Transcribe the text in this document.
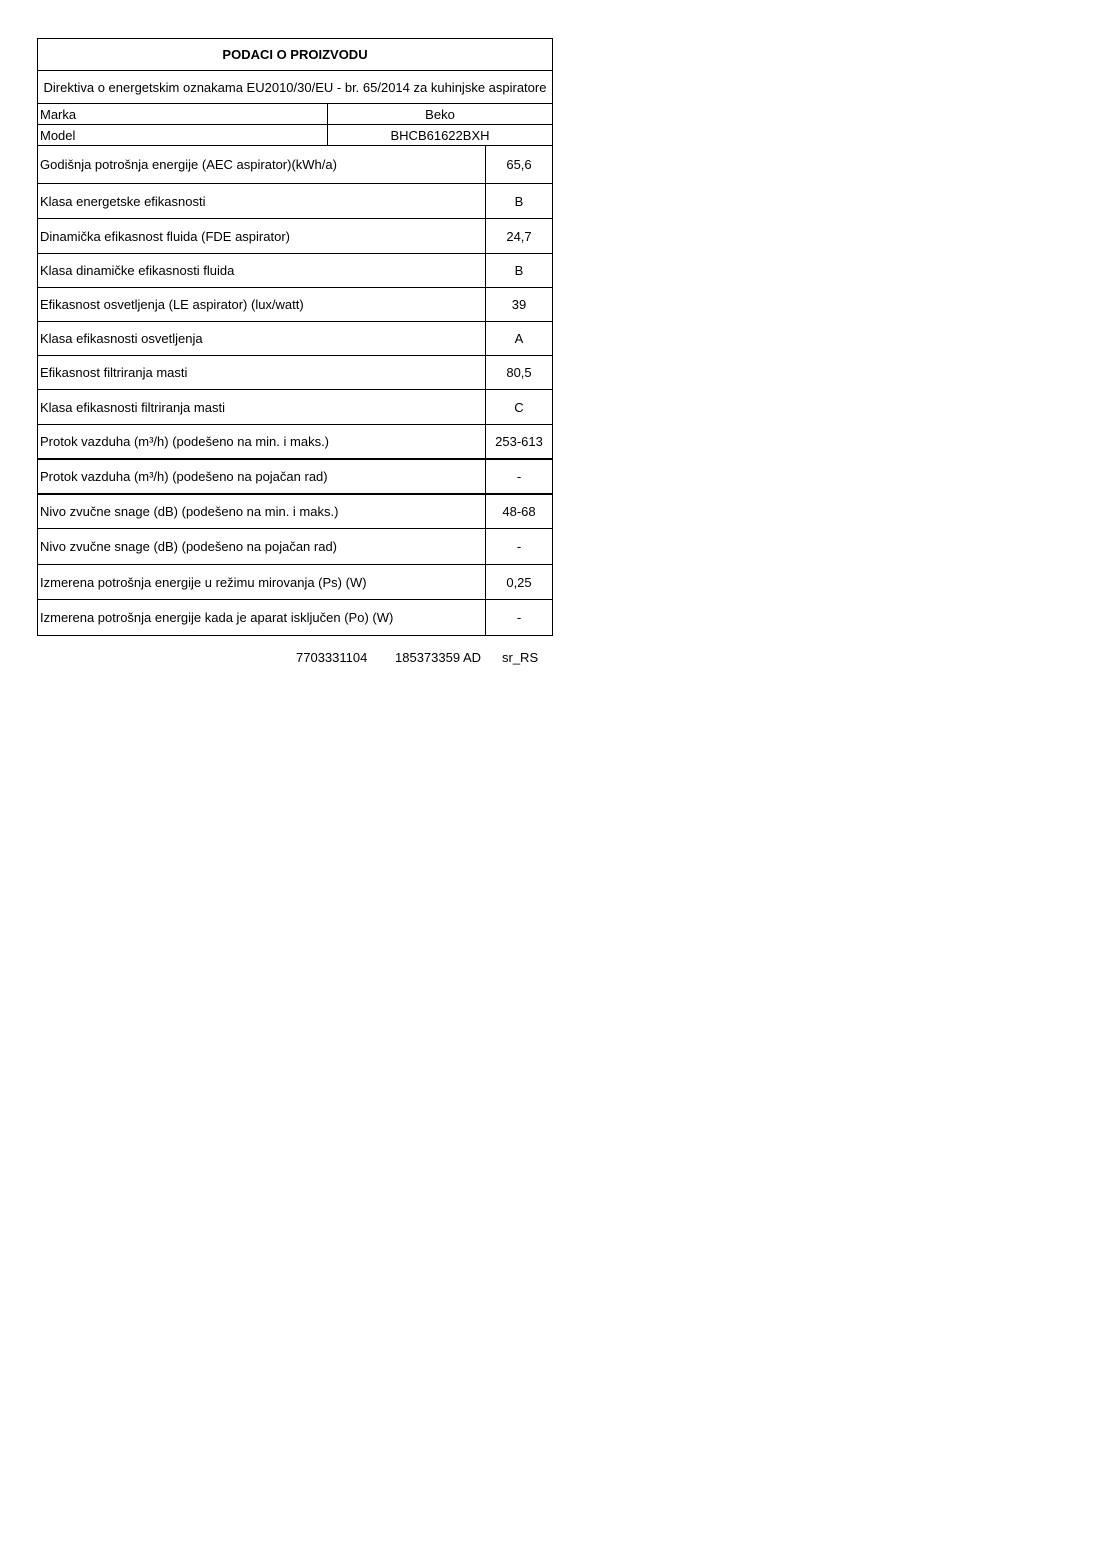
PODACI O PROIZVODU		
Direktiva o energetskim oznakama EU2010/30/EU - br. 65/2014 za kuhinjske aspiratore		
Marka	Beko	
Model	BHCB61622BXH	
Godišnja potrošnja energije (AEC aspirator)(kWh/a)		65,6
Klasa energetske efikasnosti		B
Dinamička efikasnost fluida (FDE aspirator)		24,7
Klasa dinamičke efikasnosti fluida		B
Efikasnost osvetljenja (LE aspirator) (lux/watt)		39
Klasa efikasnosti osvetljenja		A
Efikasnost filtriranja masti		80,5
Klasa efikasnosti filtriranja masti		C
Protok vazduha (m³/h) (podešeno na min. i maks.)		253-613
Protok vazduha (m³/h) (podešeno na pojačan rad)		-
Nivo zvučne snage (dB) (podešeno na min. i maks.)		48-68
Nivo zvučne snage (dB) (podešeno na pojačan rad)		-
Izmerena potrošnja energije u režimu mirovanja (Ps) (W)		0,25
Izmerena potrošnja energije kada je aparat isključen (Po) (W)		-
7703331104 185373359 AD sr_RS
